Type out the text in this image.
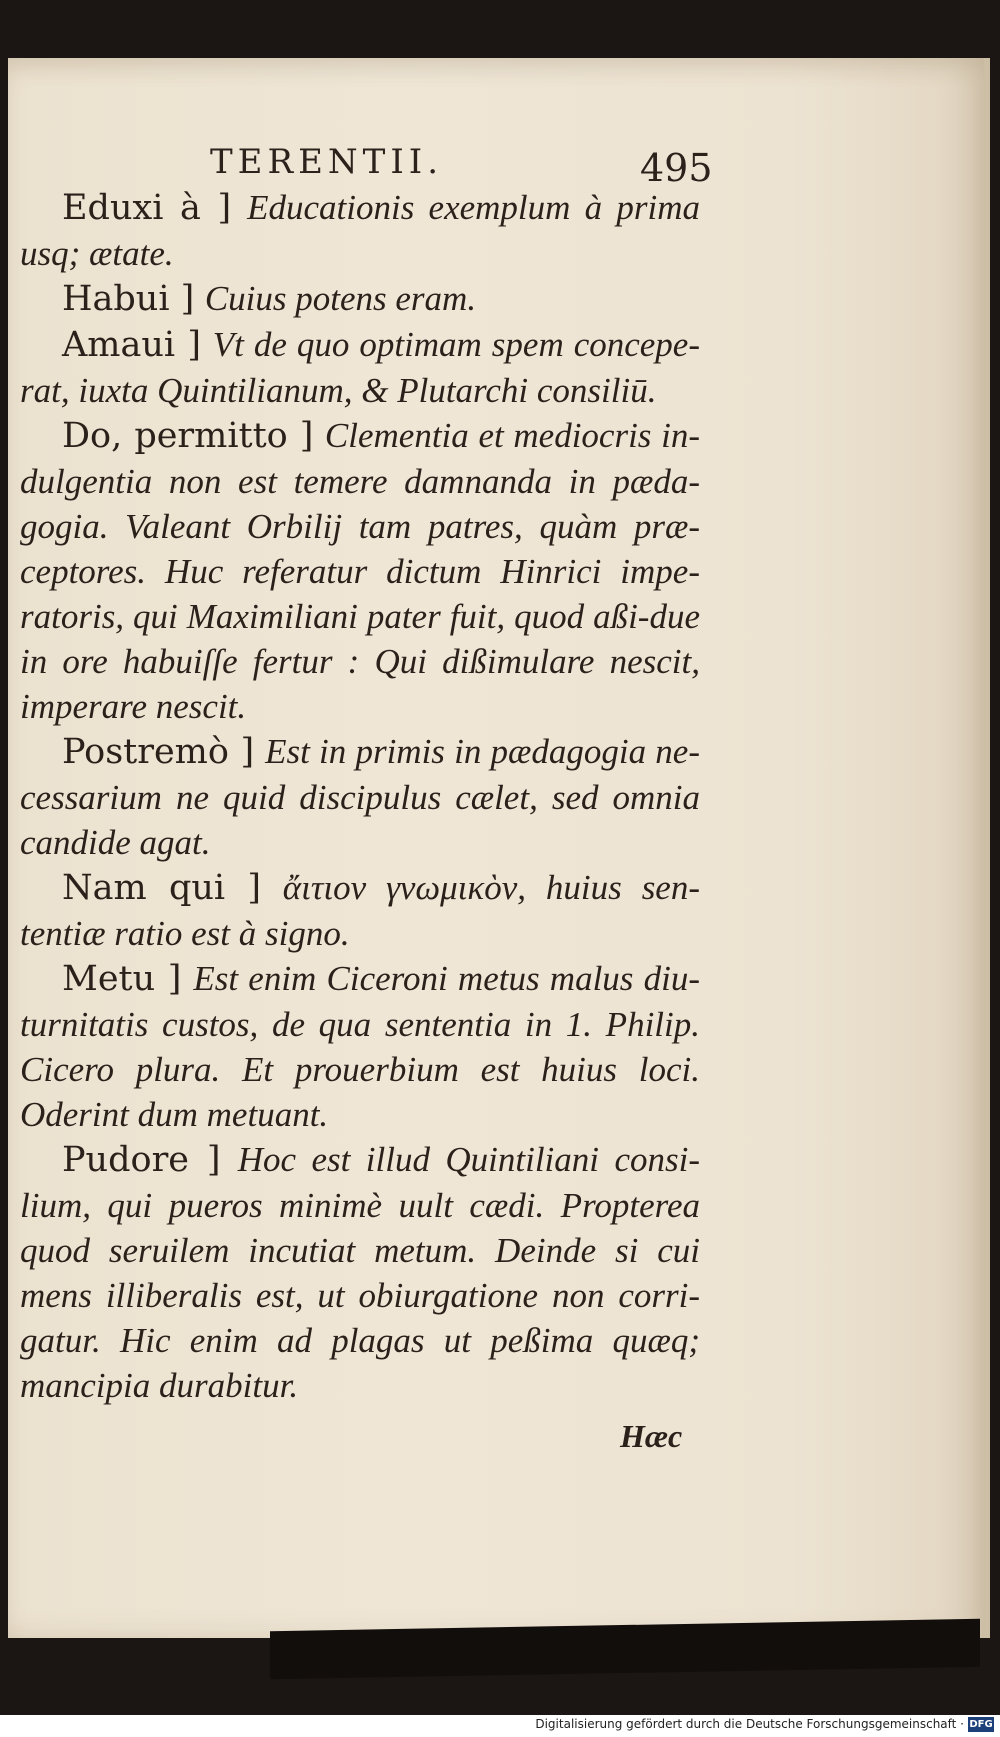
TERENTII.	495

Eduxi à ] Educationis exemplum à prima usq; ætate.

Habui ] Cuius potens eram.

Amaui ] Vt de quo optimam spem concepe-rat, iuxta Quintilianum, & Plutarchi consiliū.

Do, permitto ] Clementia et mediocris in-dulgentia non est temere damnanda in pæda-gogia. Valeant Orbilij tam patres, quàm præ-ceptores. Huc referatur dictum Hinrici impe-ratoris, qui Maximiliani pater fuit, quod aßi-due in ore habuiſſe fertur : Qui dißimulare nescit, imperare nescit.

Postremò ] Est in primis in pædagogia ne-cessarium ne quid discipulus cælet, sed omnia candide agat.

Nam qui ] ἄιτιον γνωμικὸν, huius sen-tentiæ ratio est à signo.

Metu ] Est enim Ciceroni metus malus diu-turnitatis custos, de qua sententia in 1. Philip. Cicero plura. Et prouerbium est huius loci. Oderint dum metuant.

Pudore ] Hoc est illud Quintiliani consi-lium, qui pueros minimè uult cædi. Propterea quod seruilem incutiat metum. Deinde si cui mens illiberalis est, ut obiurgatione non corri-gatur. Hic enim ad plagas ut peßima quæq; mancipia durabitur.

Hæc
Digitalisierung gefördert durch die Deutsche Forschungsgemeinschaft · DFG
